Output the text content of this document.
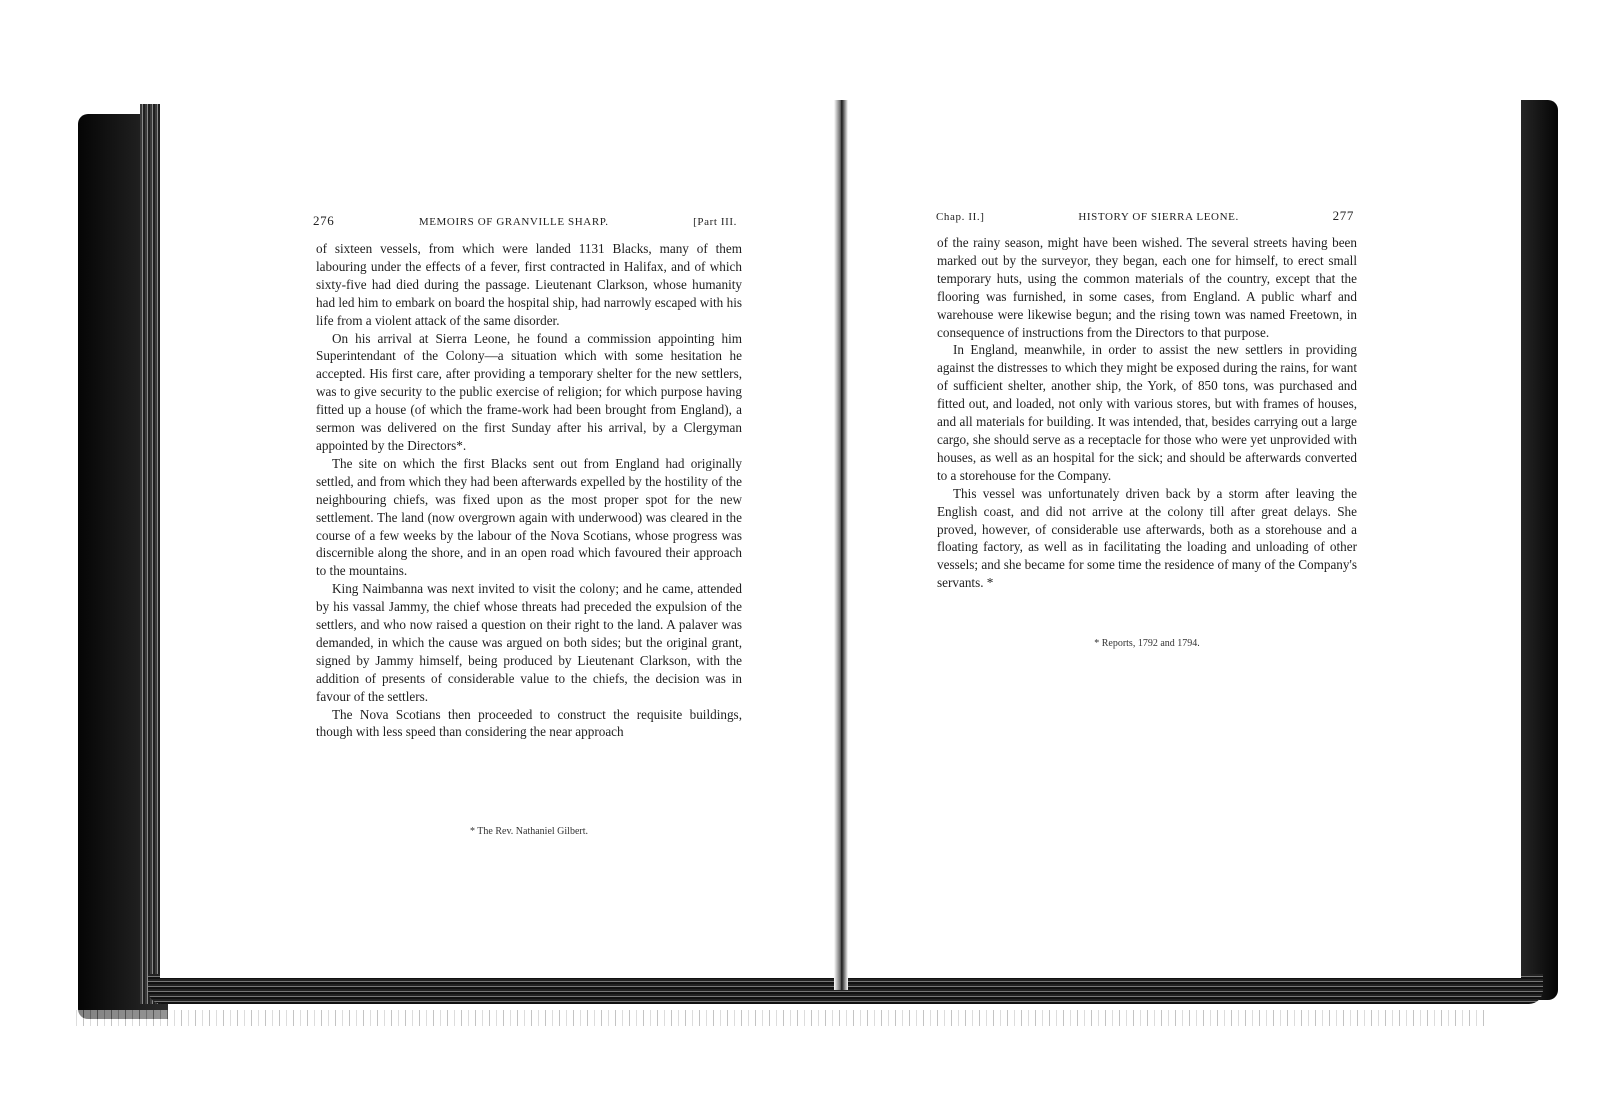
276	MEMOIRS OF GRANVILLE SHARP.	[Part III.

of sixteen vessels, from which were landed 1131 Blacks, many of them labouring under the effects of a fever, first contracted in Halifax, and of which sixty-five had died during the passage. Lieutenant Clarkson, whose humanity had led him to embark on board the hospital ship, had narrowly escaped with his life from a violent attack of the same disorder.

On his arrival at Sierra Leone, he found a commission appointing him Superintendant of the Colony—a situation which with some hesitation he accepted. His first care, after providing a temporary shelter for the new settlers, was to give security to the public exercise of religion; for which purpose having fitted up a house (of which the frame-work had been brought from England), a sermon was delivered on the first Sunday after his arrival, by a Clergyman appointed by the Directors*.

The site on which the first Blacks sent out from England had originally settled, and from which they had been afterwards expelled by the hostility of the neighbouring chiefs, was fixed upon as the most proper spot for the new settlement. The land (now overgrown again with underwood) was cleared in the course of a few weeks by the labour of the Nova Scotians, whose progress was discernible along the shore, and in an open road which favoured their approach to the mountains.

King Naimbanna was next invited to visit the colony; and he came, attended by his vassal Jammy, the chief whose threats had preceded the expulsion of the settlers, and who now raised a question on their right to the land. A palaver was demanded, in which the cause was argued on both sides; but the original grant, signed by Jammy himself, being produced by Lieutenant Clarkson, with the addition of presents of considerable value to the chiefs, the decision was in favour of the settlers.

The Nova Scotians then proceeded to construct the requisite buildings, though with less speed than considering the near approach

* The Rev. Nathaniel Gilbert.
Chap. II.]	HISTORY OF SIERRA LEONE.	277

of the rainy season, might have been wished. The several streets having been marked out by the surveyor, they began, each one for himself, to erect small temporary huts, using the common materials of the country, except that the flooring was furnished, in some cases, from England. A public wharf and warehouse were likewise begun; and the rising town was named Freetown, in consequence of instructions from the Directors to that purpose.

In England, meanwhile, in order to assist the new settlers in providing against the distresses to which they might be exposed during the rains, for want of sufficient shelter, another ship, the York, of 850 tons, was purchased and fitted out, and loaded, not only with various stores, but with frames of houses, and all materials for building. It was intended, that, besides carrying out a large cargo, she should serve as a receptacle for those who were yet unprovided with houses, as well as an hospital for the sick; and should be afterwards converted to a storehouse for the Company.

This vessel was unfortunately driven back by a storm after leaving the English coast, and did not arrive at the colony till after great delays. She proved, however, of considerable use afterwards, both as a storehouse and a floating factory, as well as in facilitating the loading and unloading of other vessels; and she became for some time the residence of many of the Company's servants. *

* Reports, 1792 and 1794.
